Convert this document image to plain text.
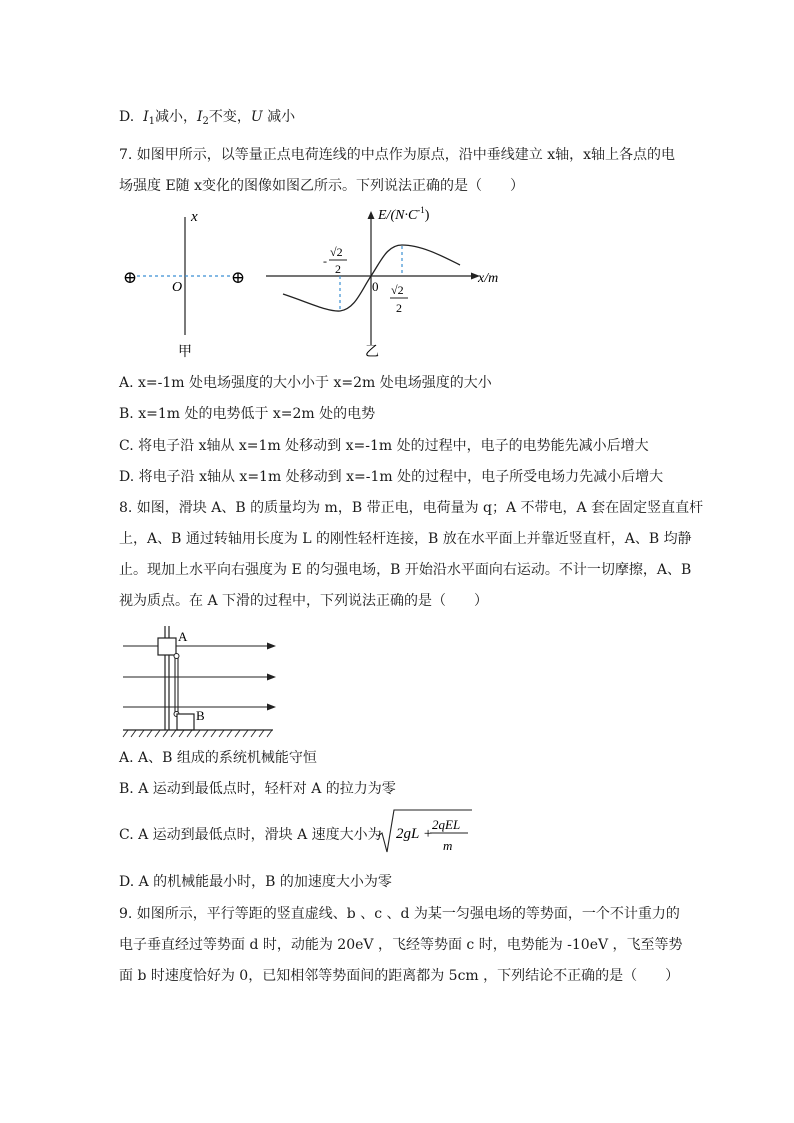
D. $I_1$减小，$I_2$不变，U 减小
7. 如图甲所示，以等量正点电荷连线的中点作为原点，沿中垂线建立 x轴，x轴上各点的电
场强度 E随 x变化的图像如图乙所示。下列说法正确的是（　　）
x
⊕	⊕
O
甲
$E/(N\cdot C^{-1})$
x/m
0
-
√2
2
√2
2
乙
A. x=-1m 处电场强度的大小小于 x=2m 处电场强度的大小
B. x=1m 处的电势低于 x=2m 处的电势
C. 将电子沿 x轴从 x=1m 处移动到 x=-1m 处的过程中，电子的电势能先减小后增大
D. 将电子沿 x轴从 x=1m 处移动到 x=-1m 处的过程中，电子所受电场力先减小后增大
8. 如图，滑块 A、B 的质量均为 m，B 带正电，电荷量为 q；A 不带电，A 套在固定竖直直杆
上，A、B 通过转轴用长度为 L 的刚性轻杆连接，B 放在水平面上并靠近竖直杆，A、B 均静
止。现加上水平向右强度为 E 的匀强电场，B 开始沿水平面向右运动。不计一切摩擦，A、B
视为质点。在 A 下滑的过程中，下列说法正确的是（　　）
A
B
A. A、B 组成的系统机械能守恒
B. A 运动到最低点时，轻杆对 A 的拉力为零
C. A 运动到最低点时，滑块 A 速度大小为 2gL +
2qEL
m
D. A 的机械能最小时，B 的加速度大小为零
9. 如图所示，平行等距的竖直虚线、b 、c 、d 为某一匀强电场的等势面，一个不计重力的
电子垂直经过等势面 d 时，动能为 20eV ，飞经等势面 c 时，电势能为 -10eV ，飞至等势
面 b 时速度恰好为 0，已知相邻等势面间的距离都为 5cm ，下列结论不正确的是（　　）
